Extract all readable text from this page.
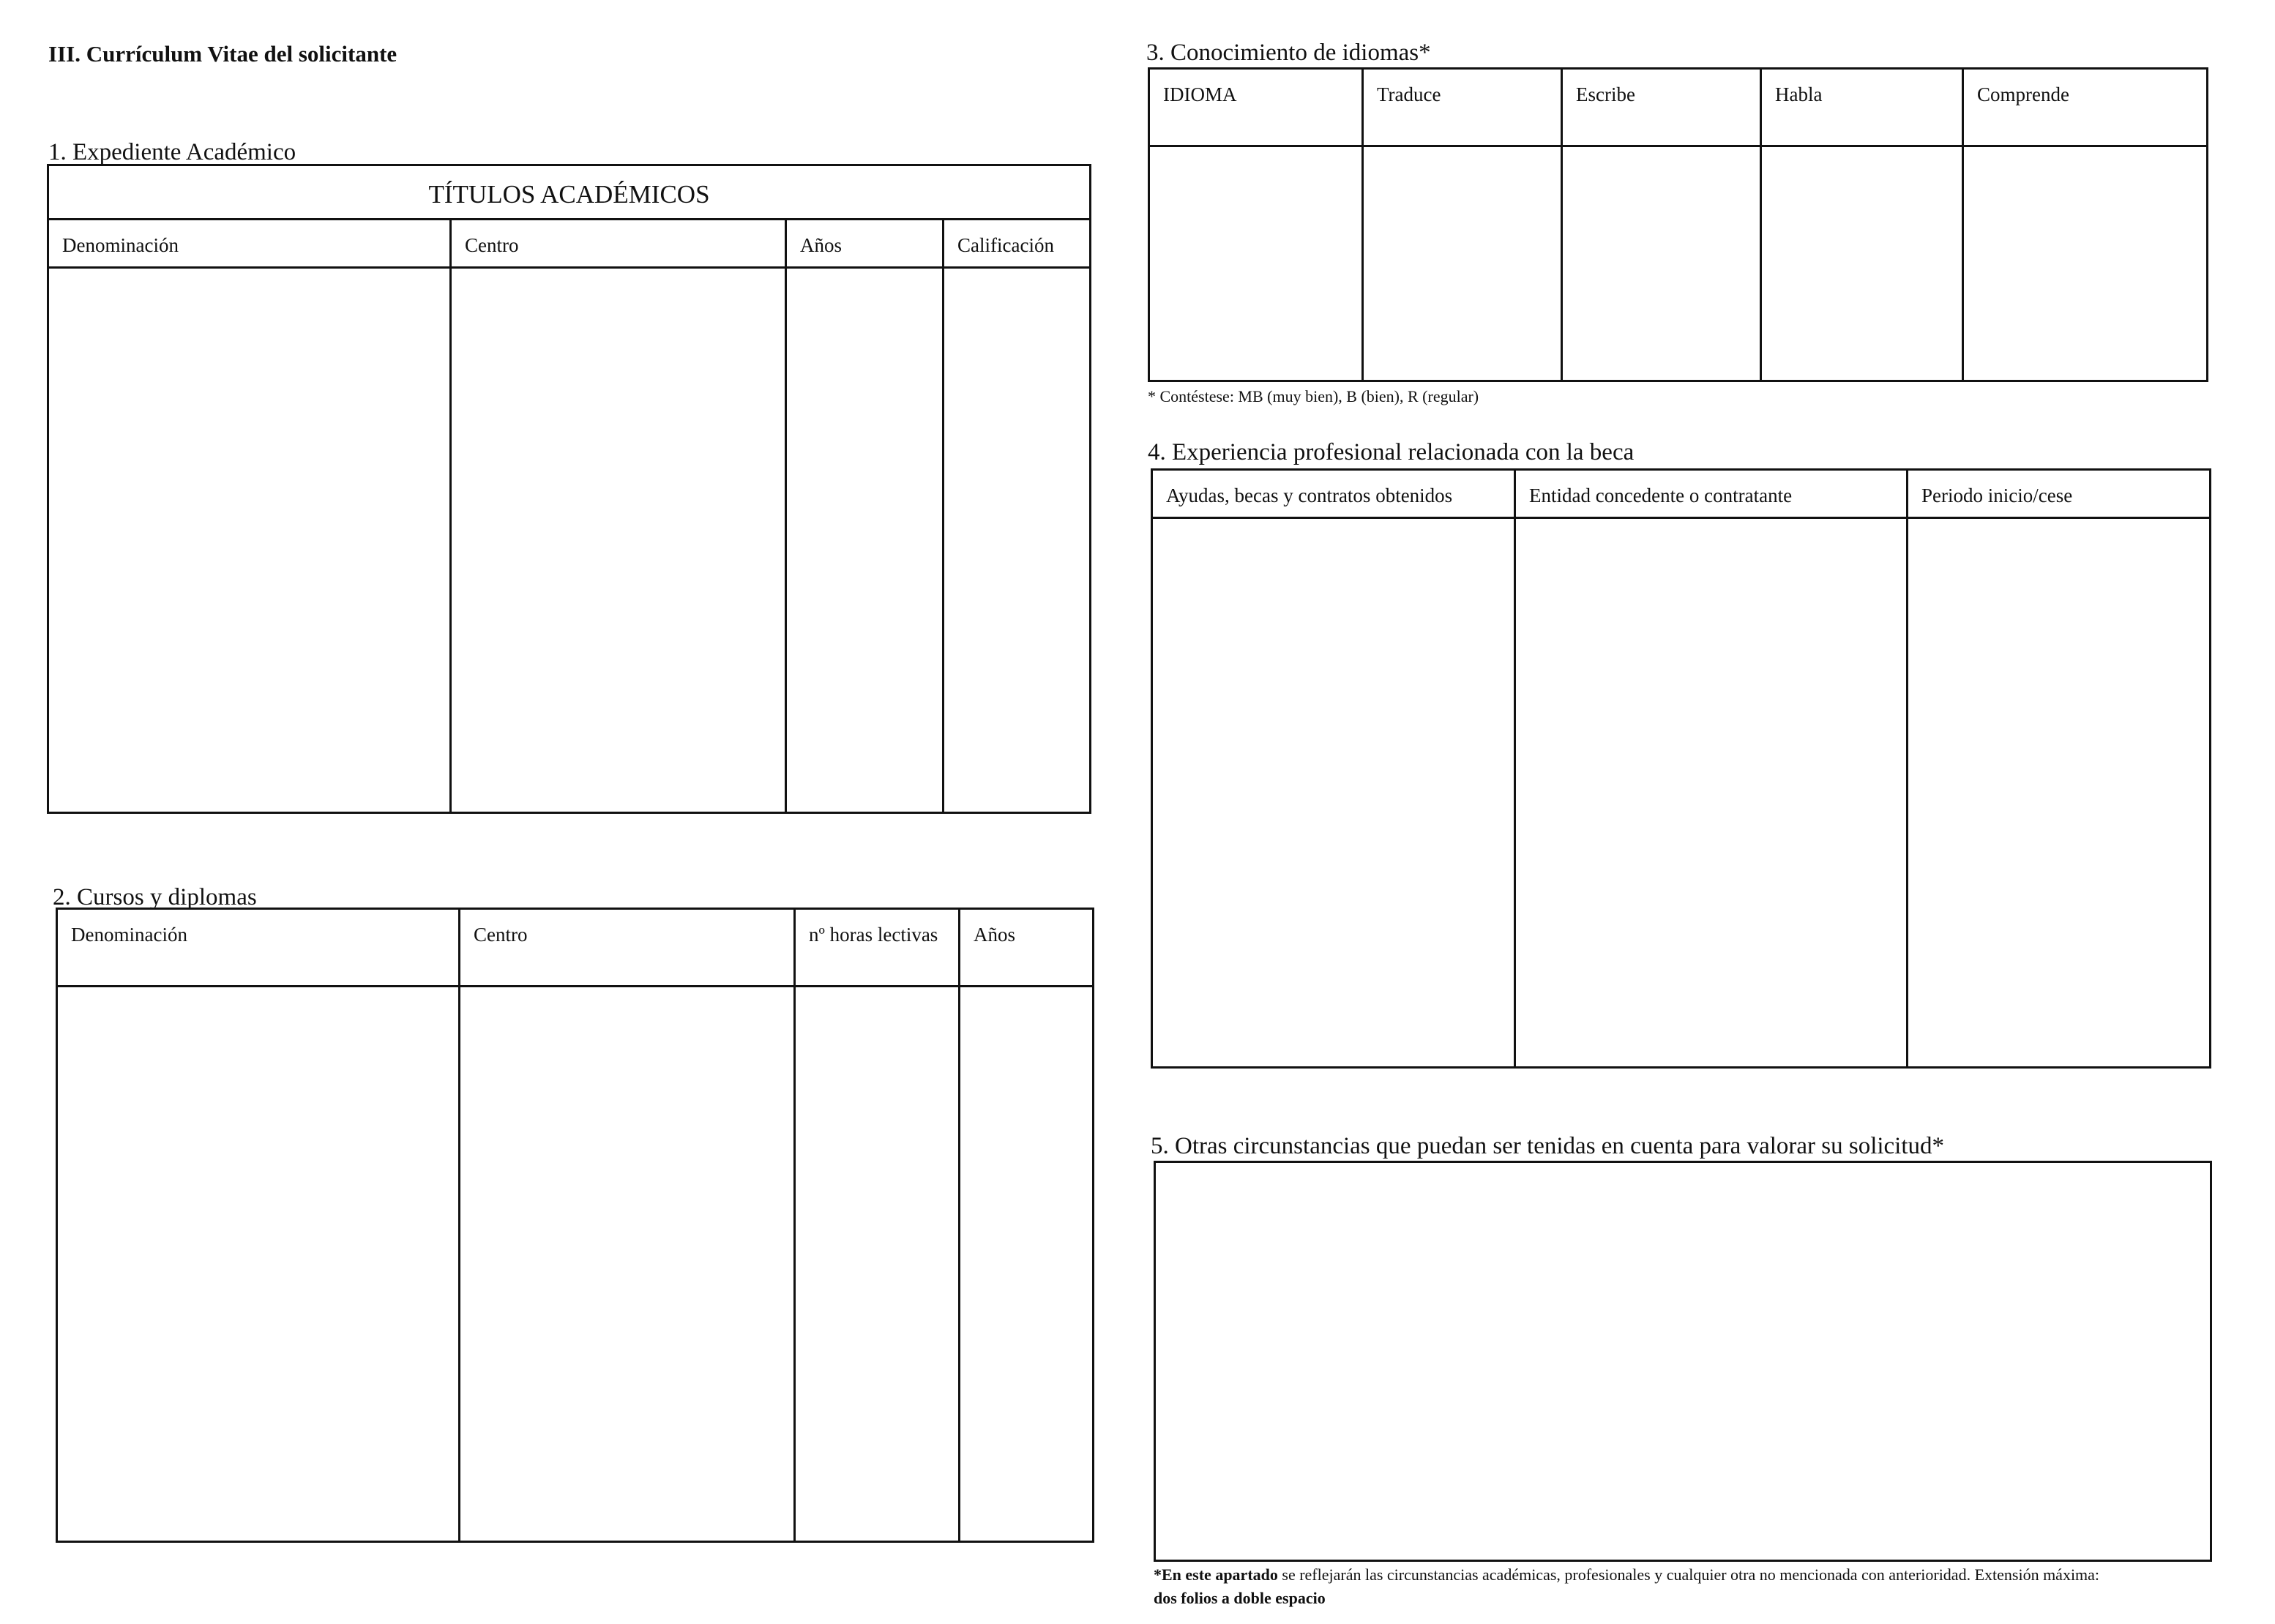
III. Currículum Vitae del solicitante
1. Expediente Académico
TÍTULOS ACADÉMICOS			

Denominación	Centro	Años	Calificación

2. Cursos y diplomas
Denominación	Centro	nº horas lectivas	Años

3. Conocimiento de idiomas*
IDIOMA	Traduce	Escribe	Habla	Comprende

* Contéstese: MB (muy bien), B (bien), R (regular)
4. Experiencia profesional relacionada con la beca
Ayudas, becas y contratos obtenidos	Entidad concedente o contratante	Periodo inicio/cese

5. Otras circunstancias que puedan ser tenidas en cuenta para valorar su solicitud*
*En este apartado se reflejarán las circunstancias académicas, profesionales y cualquier otra no mencionada con anterioridad. Extensión máxima:
dos folios a doble espacio
